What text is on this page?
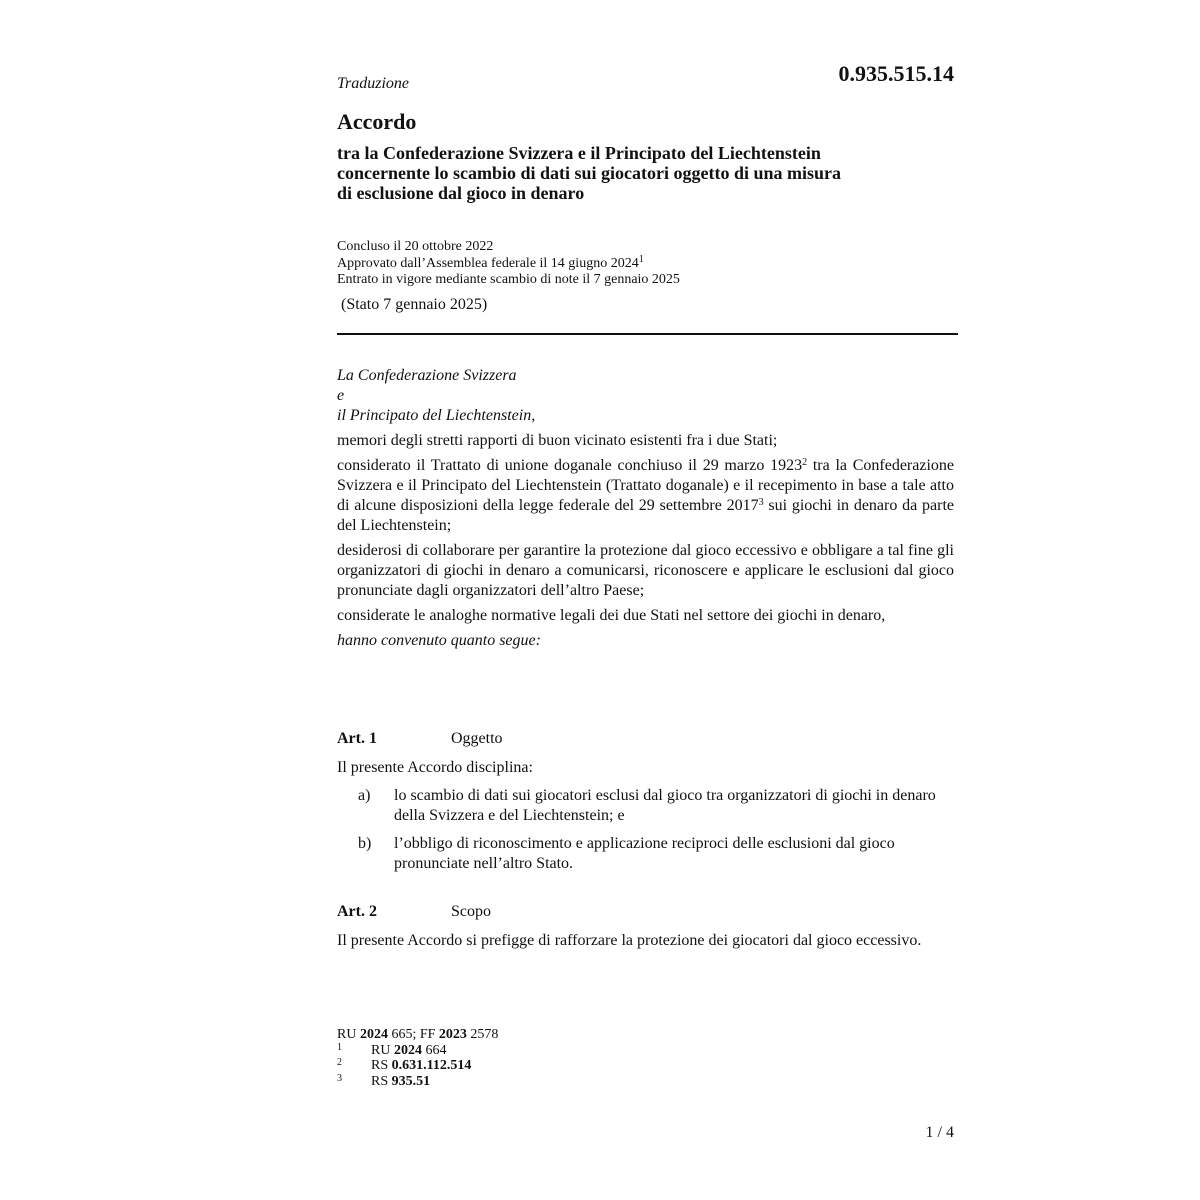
Traduzione	0.935.515.14
Accordo
tra la Confederazione Svizzera e il Principato del Liechtenstein
concernente lo scambio di dati sui giocatori oggetto di una misura
di esclusione dal gioco in denaro
Concluso il 20 ottobre 2022
Approvato dall’Assemblea federale il 14 giugno 2024$^1$
Entrato in vigore mediante scambio di note il 7 gennaio 2025
(Stato 7 gennaio 2025)
La Confederazione Svizzera
e
il Principato del Liechtenstein,
memori degli stretti rapporti di buon vicinato esistenti fra i due Stati;
considerato il Trattato di unione doganale conchiuso il 29 marzo 1923$^2$ tra la Confederazione Svizzera e il Principato del Liechtenstein (Trattato doganale) e il recepimento in base a tale atto di alcune disposizioni della legge federale del 29 settembre 2017$^3$ sui giochi in denaro da parte del Liechtenstein;
desiderosi di collaborare per garantire la protezione dal gioco eccessivo e obbligare a tal fine gli organizzatori di giochi in denaro a comunicarsi, riconoscere e applicare le esclusioni dal gioco pronunciate dagli organizzatori dell’altro Paese;
considerate le analoghe normative legali dei due Stati nel settore dei giochi in denaro,
hanno convenuto quanto segue:
Art. 1	Oggetto
Il presente Accordo disciplina:
a) lo scambio di dati sui giocatori esclusi dal gioco tra organizzatori di giochi in denaro della Svizzera e del Liechtenstein; e
b) l’obbligo di riconoscimento e applicazione reciproci delle esclusioni dal gioco pronunciate nell’altro Stato.
Art. 2	Scopo
Il presente Accordo si prefigge di rafforzare la protezione dei giocatori dal gioco eccessivo.
RU 2024 665; FF 2023 2578
1 RU 2024 664
2 RS 0.631.112.514
3 RS 935.51
1 / 4
